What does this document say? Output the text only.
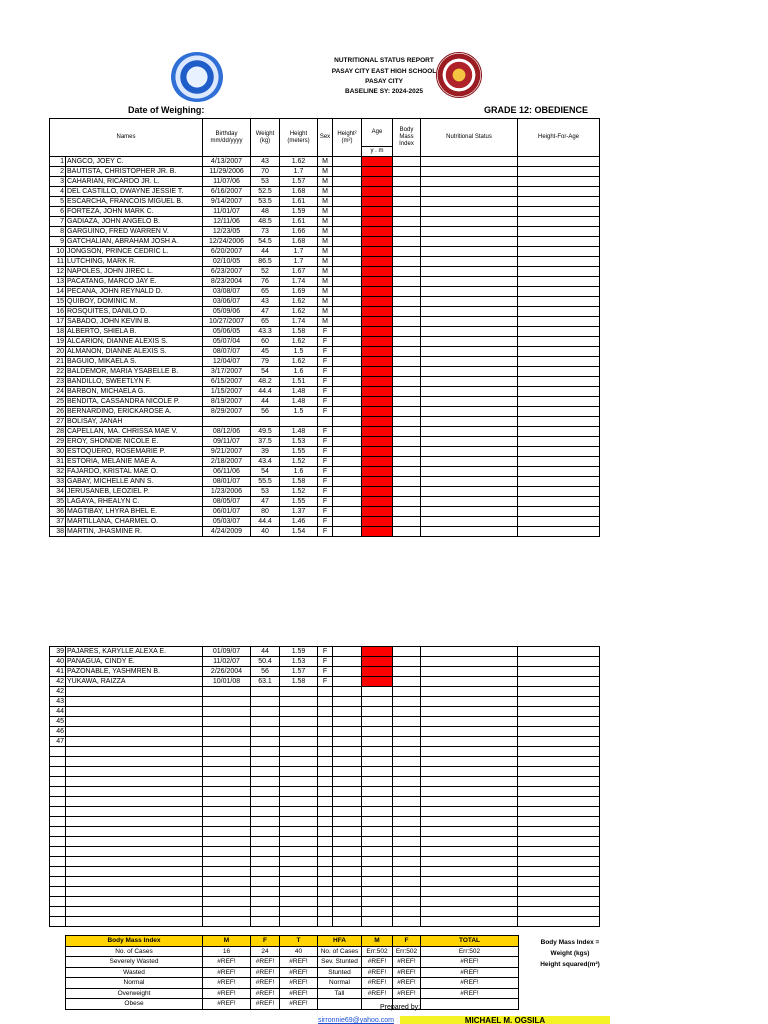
NUTRITIONAL STATUS REPORT
PASAY CITY EAST HIGH SCHOOL
PASAY CITY
BASELINE SY: 2024-2025
Date of Weighing:	GRADE 12: OBEDIENCE
Names		Birthday mm/dd/yyyy	Weight (kg)	Height (meters)	Sex	Height² (m²)	Age	Body Mass Index	Nutritional Status	Height-For-Age
							y . m			
1	ANGCO, JOEY C.	4/13/2007	43	1.62	M					
2	BAUTISTA, CHRISTOPHER JR. B.	11/29/2006	70	1.7	M					
3	CAHARIAN, RICARDO JR. L.	11/07/06	53	1.57	M					
4	DEL CASTILLO, DWAYNE JESSIE T.	6/16/2007	52.5	1.68	M					
5	ESCARCHA, FRANCOIS MIGUEL B.	9/14/2007	53.5	1.61	M					
6	FORTEZA, JOHN MARK C.	11/01/07	48	1.59	M					
7	GADIAZA, JOHN ANGELO B.	12/11/06	48.5	1.61	M					
8	GARGUINO, FRED WARREN V.	12/23/05	73	1.66	M					
9	GATCHALIAN, ABRAHAM JOSH A.	12/24/2006	54.5	1.68	M					
10	JONGSON, PRINCE CEDRIC L.	6/20/2007	44	1.7	M					
11	LUTCHING, MARK R.	02/10/05	86.5	1.7	M					
12	NAPOLES, JOHN JIREC L.	6/23/2007	52	1.67	M					
13	PACATANG, MARCO JAY E.	8/23/2004	76	1.74	M					
14	PECANA, JOHN REYNALD D.	03/08/07	65	1.69	M					
15	QUIBOY, DOMINIC M.	03/06/07	43	1.62	M					
16	ROSQUITES, DANILO D.	05/09/06	47	1.62	M					
17	SABADO, JOHN KEVIN B.	10/27/2007	65	1.74	M					
18	ALBERTO, SHIELA B.	05/06/05	43.3	1.58	F					
19	ALCARION, DIANNE ALEXIS S.	05/07/04	60	1.62	F					
20	ALMANON, DIANNE ALEXIS S.	08/07/07	45	1.5	F					
21	BAGUIO, MIKAELA S.	12/04/07	79	1.62	F					
22	BALDEMOR, MARIA YSABELLE B.	3/17/2007	54	1.6	F					
23	BANDILLO, SWEETLYN F.	6/15/2007	48.2	1.51	F					
24	BARBON, MICHAELA G.	1/15/2007	44.4	1.48	F					
25	BENDITA, CASSANDRA NICOLE P.	8/19/2007	44	1.48	F					
26	BERNARDINO, ERICKAROSE A.	8/29/2007	56	1.5	F					
27	BOLISAY, JANAH									
28	CAPELLAN, MA. CHRISSA MAE V.	08/12/06	49.5	1.48	F					
29	EROY, SHONDIE NICOLE E.	09/11/07	37.5	1.53	F					
30	ESTOQUERO, ROSEMARIE P.	9/21/2007	39	1.55	F					
31	ESTORIA, MELANIE MAE A.	2/18/2007	43.4	1.52	F					
32	FAJARDO, KRISTAL MAE O.	06/11/06	54	1.6	F					
33	GABAY, MICHELLE ANN S.	08/01/07	55.5	1.58	F					
34	JERUSANEB, LEOZIEL P.	1/23/2006	53	1.52	F					
35	LAGAYA, RHEALYN C.	08/05/07	47	1.55	F					
36	MAGTIBAY, LHYRA BHEL E.	06/01/07	80	1.37	F					
37	MARTILLANA, CHARMEL O.	05/03/07	44.4	1.46	F					
38	MARTIN, JHASMINE R.	4/24/2009	40	1.54	F					
39	PAJARES, KARYLLE ALEXA E.	01/09/07	44	1.59	F					
40	PANAGUA, CINDY E.	11/02/07	50.4	1.53	F					
41	PAZONABLE, YASHMREN B.	2/26/2004	56	1.57	F					
42	YUKAWA, RAIZZA	10/01/08	63.1	1.58	F					
42										
43										
44										
45										
46										
47										

Body Mass Index	M	F	T	HFA	M	F	TOTAL
No. of Cases	16	24	40	No. of Cases	Err:502	Err:502	Err:502
Severely Wasted	#REF!	#REF!	#REF!	Sev. Stunted	#REF!	#REF!	#REF!
Wasted	#REF!	#REF!	#REF!	Stunted	#REF!	#REF!	#REF!
Normal	#REF!	#REF!	#REF!	Normal	#REF!	#REF!	#REF!
Overweight	#REF!	#REF!	#REF!	Tall	#REF!	#REF!	#REF!
Obese	#REF!	#REF!	#REF!				
Body Mass Index =
Weight (kgs)
Height squared(m²)
Prepared by:
sirronnie69@yahoo.com	MICHAEL M. OGSILA
